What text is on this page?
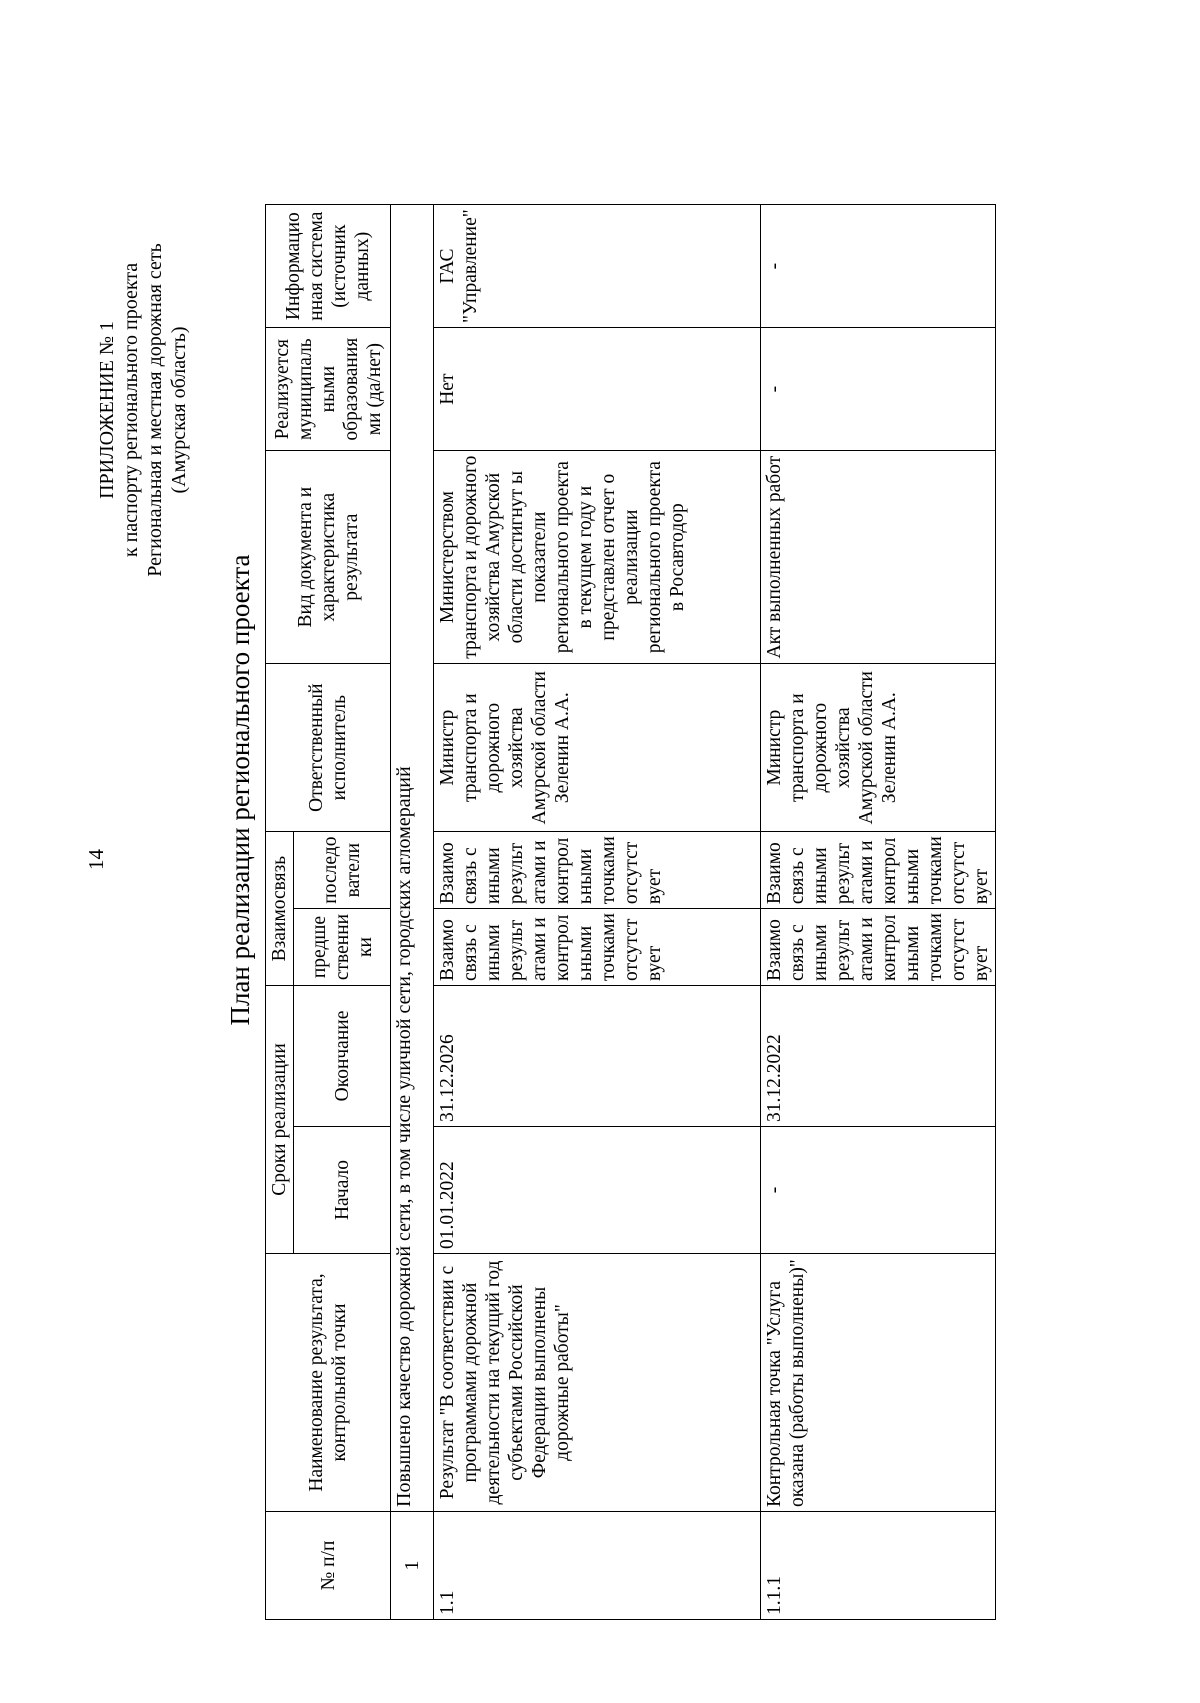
14
ПРИЛОЖЕНИЕ № 1 к паспорту регионального проекта Региональная и местная дорожная сеть (Амурская область)
План реализации регионального проекта
№ п/п	Наименование результата, контрольной точки	Сроки реализации		Взаимосвязь		Ответственный исполнитель	Вид документа и характеристика результата	Реализуется муниципаль ными образования ми (да/нет)	Информацио нная система (источник данных)
		Начало	Окончание	предше ственни ки	последо ватели				
1	Повышено качество дорожной сети, в том числе уличной сети, городских агломераций								
1.1	Результат "В соответствии с программами дорожной деятельности на текущий год субъектами Российской Федерации выполнены дорожные работы"	01.01.2022	31.12.2026	Взаимо связь с иными результ атами и контрол ьными точками отсутст вует	Взаимо связь с иными результ атами и контрол ьными точками отсутст вует	Министр транспорта и дорожного хозяйства Амурской области Зеленин А.А.	Министерством транспорта и дорожного хозяйства Амурской области достигнут ы показатели регионального проекта в текущем году и представлен отчет о реализации регионального проекта в Росавтодор	Нет	ГАС "Управление"
1.1.1	Контрольная точка "Услуга оказана (работы выполнены)"	-	31.12.2022	Взаимо связь с иными результ атами и контрол ьными точками отсутст вует	Взаимо связь с иными результ атами и контрол ьными точками отсутст вует	Министр транспорта и дорожного хозяйства Амурской области Зеленин А.А.	Акт выполненных работ	-	-
